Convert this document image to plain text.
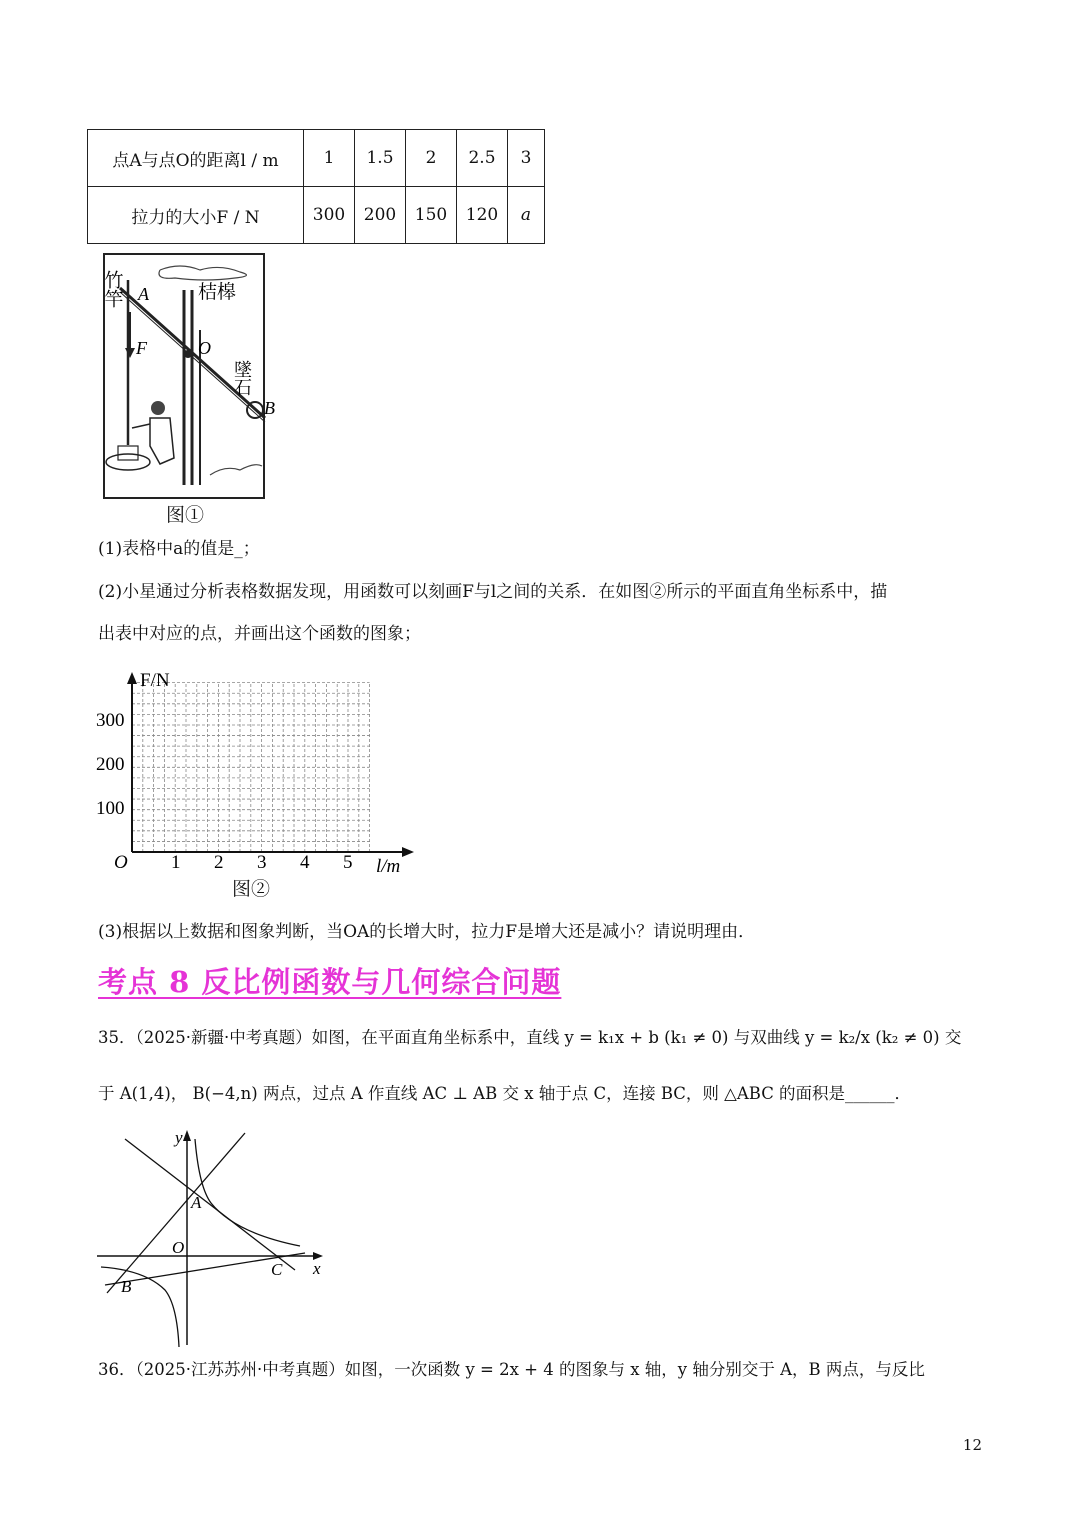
点A与点O的距离l / m	1	1.5	2	2.5	3
拉力的大小F / N	300	200	150	120	a
竹竿 A
F	O
桔槔
墜石
B
图①
(1)表格中a的值是_；
(2)小星通过分析表格数据发现，用函数可以刻画F与l之间的关系．在如图②所示的平面直角坐标系中，描
出表中对应的点，并画出这个函数的图象；
F/N
l/m
O
300
200
100
1 2 3 4 5
图②
(3)根据以上数据和图象判断，当OA的长增大时，拉力F是增大还是减小？请说明理由．
考点 8 反比例函数与几何综合问题
35．（2025·新疆·中考真题）如图，在平面直角坐标系中，直线 y = k₁x + b (k₁ ≠ 0) 与双曲线 y = k₂/x (k₂ ≠ 0) 交
于 A(1,4)， B(−4,n) 两点，过点 A 作直线 AC ⊥ AB 交 x 轴于点 C，连接 BC，则 △ABC 的面积是______．
y
x
A
O
B
C
36．（2025·江苏苏州·中考真题）如图，一次函数 y = 2x + 4 的图象与 x 轴，y 轴分别交于 A，B 两点，与反比
12
